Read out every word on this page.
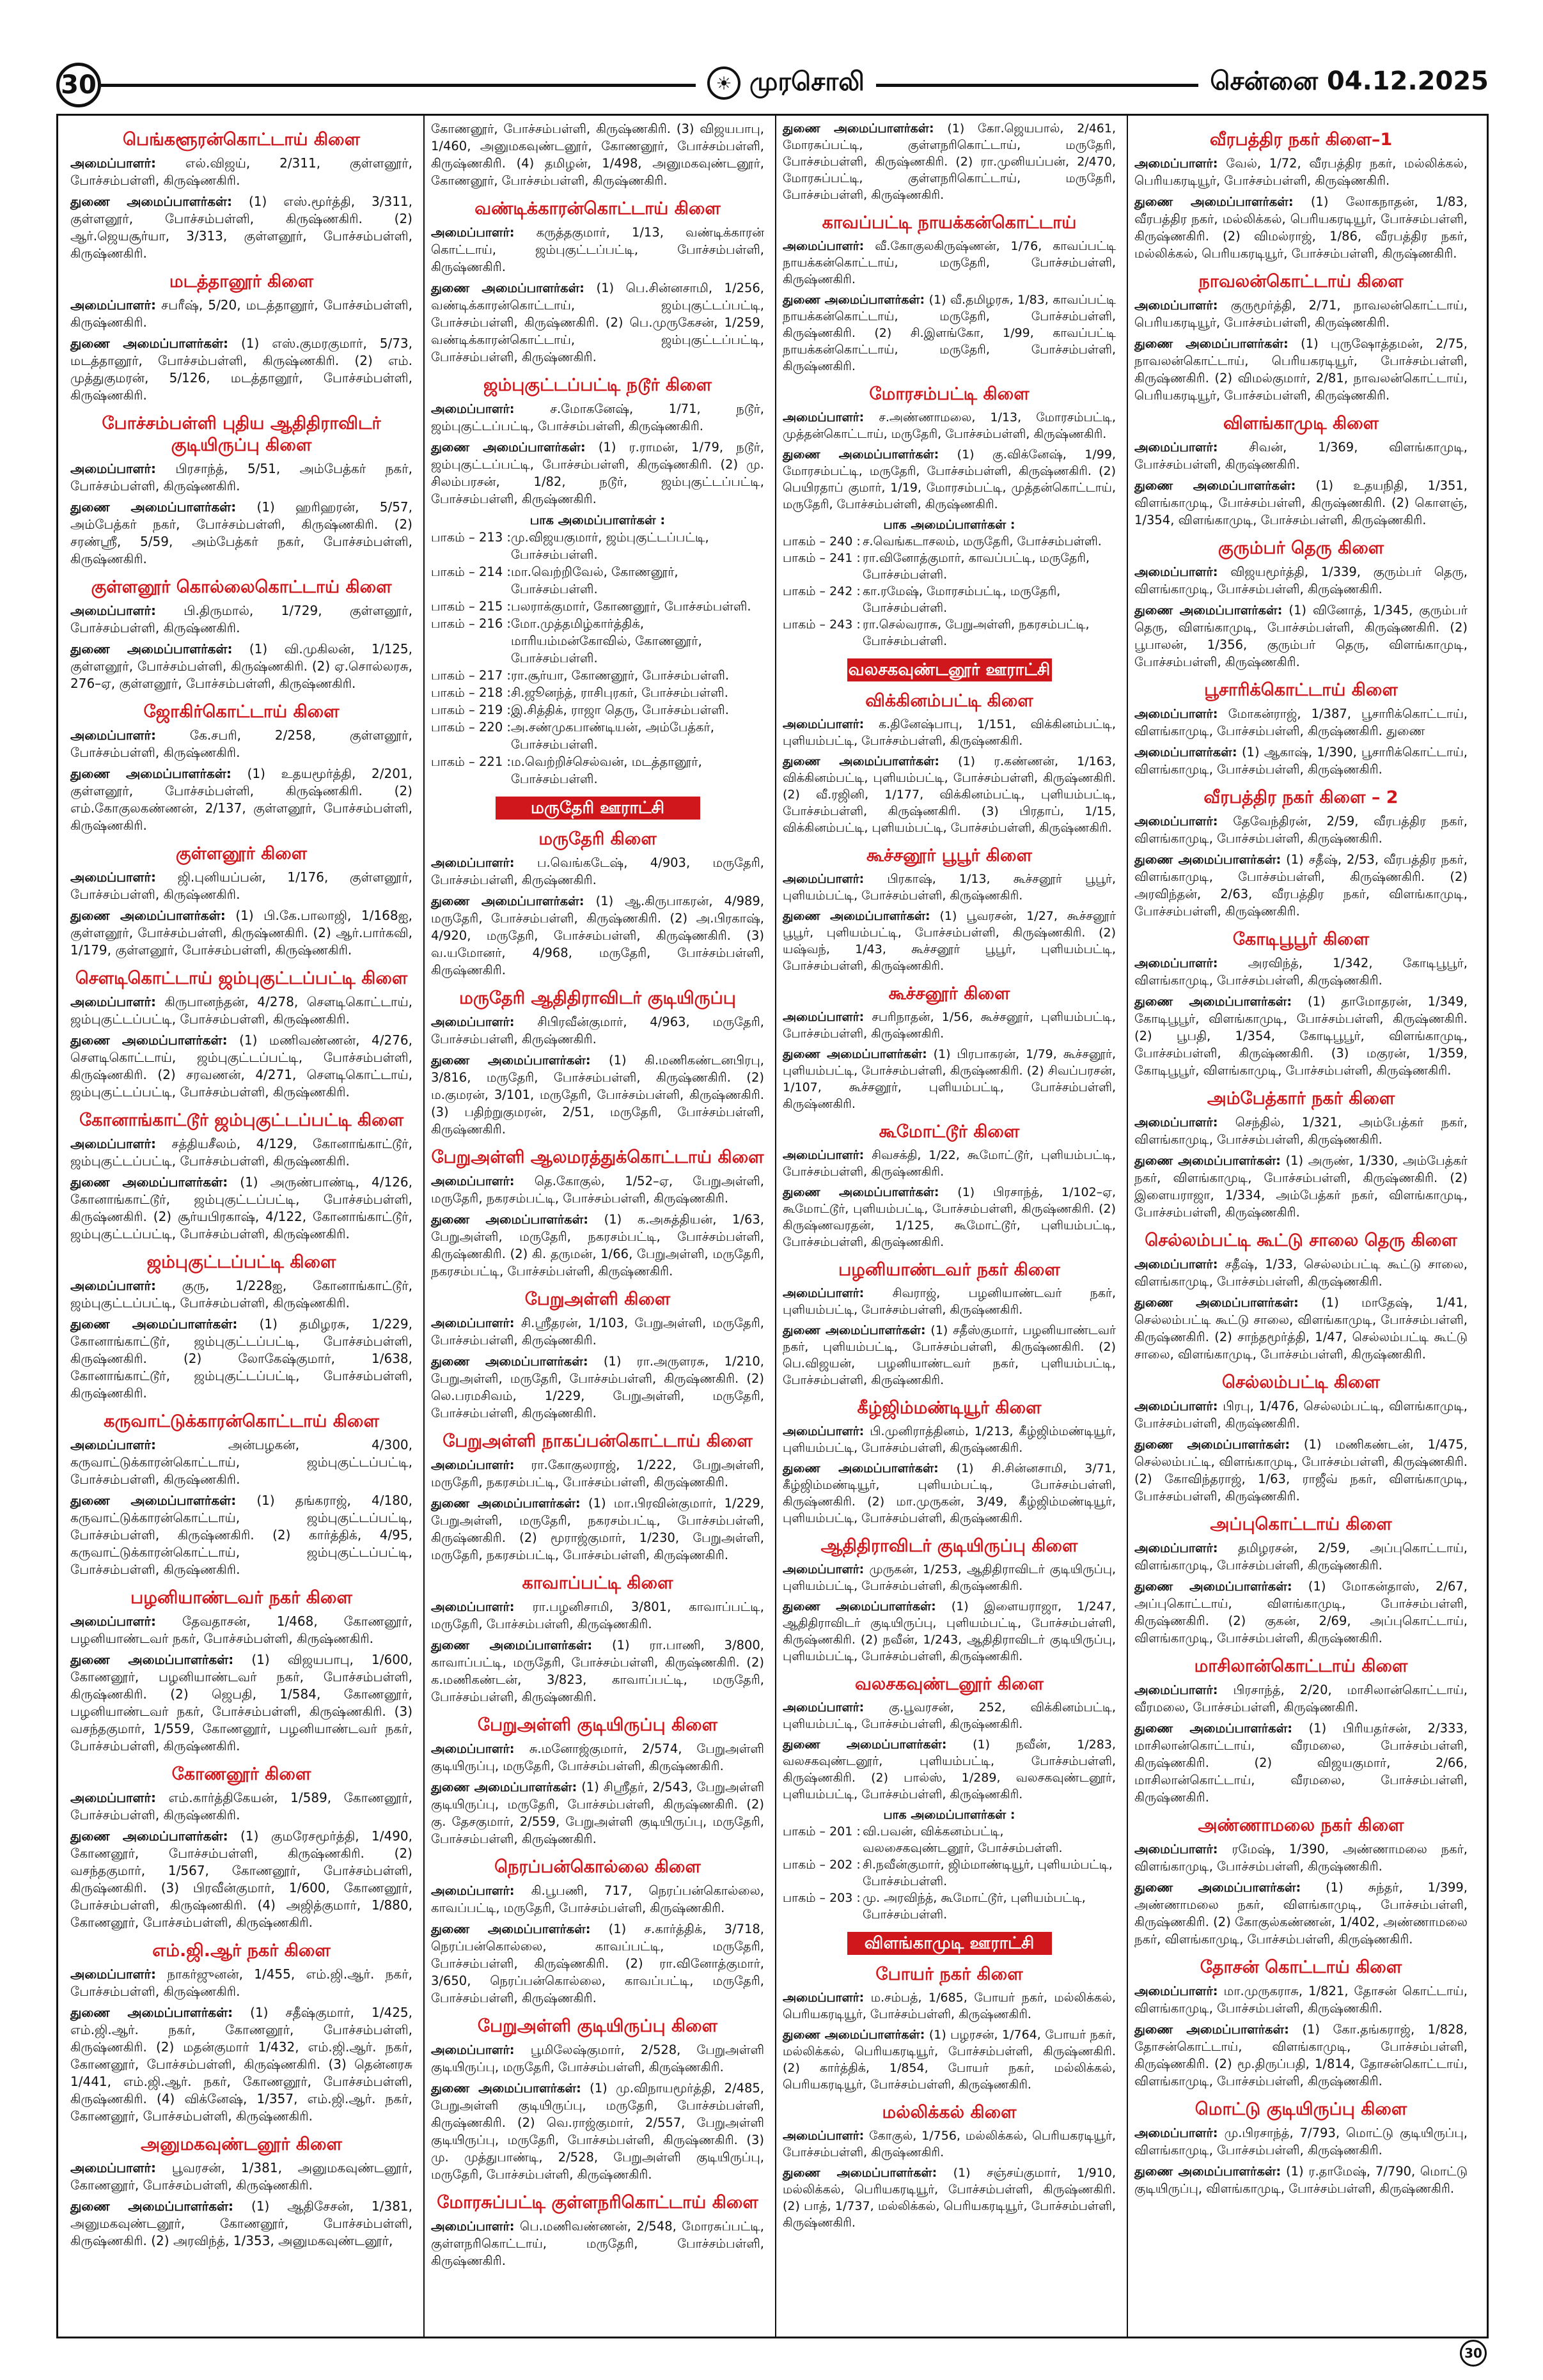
30	☀ முரசொலி	சென்னை 04.12.2025
பெங்களூரன்கொட்டாய் கிளை

அமைப்பாளர்: எல்.விஜய், 2/311, குள்ளனூர், போச்சம்பள்ளி, கிருஷ்ணகிரி.

துணை அமைப்பாளர்கள்: (1) எஸ்.மூர்த்தி, 3/311, குள்ளனூர், போச்சம்பள்ளி, கிருஷ்ணகிரி. (2) ஆர்.ஜெயசூர்யா, 3/313, குள்ளனூர், போச்சம்பள்ளி, கிருஷ்ணகிரி.

மடத்தானூர் கிளை

அமைப்பாளர்: சபரீஷ், 5/20, மடத்தானூர், போச்சம்பள்ளி, கிருஷ்ணகிரி.

துணை அமைப்பாளர்கள்: (1) எஸ்.குமரகுமார், 5/73, மடத்தானூர், போச்சம்பள்ளி, கிருஷ்ணகிரி. (2) எம். முத்துகுமரன், 5/126, மடத்தானூர், போச்சம்பள்ளி, கிருஷ்ணகிரி.

போச்சம்பள்ளி புதிய ஆதிதிராவிடர் குடியிருப்பு கிளை

அமைப்பாளர்: பிரசாந்த், 5/51, அம்பேத்கர் நகர், போச்சம்பள்ளி, கிருஷ்ணகிரி.

துணை அமைப்பாளர்கள்: (1) ஹரிஹரன், 5/57, அம்பேத்கர் நகர், போச்சம்பள்ளி, கிருஷ்ணகிரி. (2) சரண்ஸ்ரீ, 5/59, அம்பேத்கர் நகர், போச்சம்பள்ளி, கிருஷ்ணகிரி.

குள்ளனூர் கொல்லைகொட்டாய் கிளை

அமைப்பாளர்: பி.திருமால், 1/729, குள்ளனூர், போச்சம்பள்ளி, கிருஷ்ணகிரி.

துணை அமைப்பாளர்கள்: (1) வி.முகிலன், 1/125, குள்ளனூர், போச்சம்பள்ளி, கிருஷ்ணகிரி. (2) ஏ.சொல்லரசு, 276–ஏ, குள்ளனூர், போச்சம்பள்ளி, கிருஷ்ணகிரி.

ஜோகிர்கொட்டாய் கிளை

அமைப்பாளர்:	கே.சபரி, 2/258, குள்ளனூர், போச்சம்பள்ளி, கிருஷ்ணகிரி.

துணை அமைப்பாளர்கள்: (1) உதயமூர்த்தி, 2/201, குள்ளனூர், போச்சம்பள்ளி, கிருஷ்ணகிரி. (2) எம்.கோகுலகண்ணன், 2/137, குள்ளனூர், போச்சம்பள்ளி, கிருஷ்ணகிரி.

குள்ளனூர் கிளை

அமைப்பாளர்: ஜி.புனியப்பன், 1/176, குள்ளனூர், போச்சம்பள்ளி, கிருஷ்ணகிரி.

துணை அமைப்பாளர்கள்: (1) பி.கே.பாலாஜி, 1/168ஐ, குள்ளனூர், போச்சம்பள்ளி, கிருஷ்ணகிரி. (2) ஆர்.பார்கவி, 1/179, குள்ளனூர், போச்சம்பள்ளி, கிருஷ்ணகிரி.

செளடிகொட்டாய் ஜம்புகுட்டப்பட்டி கிளை

அமைப்பாளர்: கிருபானந்தன், 4/278, செளடிகொட்டாய், ஜம்புகுட்டப்பட்டி, போச்சம்பள்ளி, கிருஷ்ணகிரி.

துணை அமைப்பாளர்கள்: (1) மணிவண்ணன், 4/276, செளடிகொட்டாய், ஜம்புகுட்டப்பட்டி, போச்சம்பள்ளி, கிருஷ்ணகிரி. (2) சரவணன், 4/271, செளடிகொட்டாய், ஜம்புகுட்டப்பட்டி, போச்சம்பள்ளி, கிருஷ்ணகிரி.

கோனாங்காட்டூர் ஜம்புகுட்டப்பட்டி கிளை

அமைப்பாளர்: சத்தியசீலம், 4/129, கோனாங்காட்டூர், ஜம்புகுட்டப்பட்டி, போச்சம்பள்ளி, கிருஷ்ணகிரி.

துணை அமைப்பாளர்கள்: (1) அருண்பாண்டி, 4/126, கோனாங்காட்டூர், ஜம்புகுட்டப்பட்டி, போச்சம்பள்ளி, கிருஷ்ணகிரி. (2) சூர்யபிரகாஷ், 4/122, கோனாங்காட்டூர், ஜம்புகுட்டப்பட்டி, போச்சம்பள்ளி, கிருஷ்ணகிரி.

ஜம்புகுட்டப்பட்டி கிளை

அமைப்பாளர்: குரு, 1/228ஐ, கோனாங்காட்டூர், ஜம்புகுட்டப்பட்டி, போச்சம்பள்ளி, கிருஷ்ணகிரி.

துணை அமைப்பாளர்கள்: (1) தமிழரசு, 1/229, கோனாங்காட்டூர், ஜம்புகுட்டப்பட்டி, போச்சம்பள்ளி, கிருஷ்ணகிரி. (2) லோகேஷ்குமார், 1/638, கோனாங்காட்டூர், ஜம்புகுட்டப்பட்டி, போச்சம்பள்ளி, கிருஷ்ணகிரி.

கருவாட்டுக்காரன்கொட்டாய் கிளை

அமைப்பாளர்:	அன்பழகன், 4/300, கருவாட்டுக்காரன்கொட்டாய், ஜம்புகுட்டப்பட்டி, போச்சம்பள்ளி, கிருஷ்ணகிரி.

துணை அமைப்பாளர்கள்: (1) தங்கராஜ், 4/180, கருவாட்டுக்காரன்கொட்டாய், ஜம்புகுட்டப்பட்டி, போச்சம்பள்ளி, கிருஷ்ணகிரி. (2) கார்த்திக், 4/95, கருவாட்டுக்காரன்கொட்டாய், ஜம்புகுட்டப்பட்டி, போச்சம்பள்ளி, கிருஷ்ணகிரி.

பழனியாண்டவர் நகர் கிளை

அமைப்பாளர்: தேவதாசன், 1/468, கோணனூர், பழனியாண்டவர் நகர், போச்சம்பள்ளி, கிருஷ்ணகிரி.

துணை அமைப்பாளர்கள்: (1) விஜயபாபு, 1/600, கோணனூர், பழனியாண்டவர் நகர், போச்சம்பள்ளி, கிருஷ்ணகிரி. (2) ஜெபதி, 1/584, கோணனூர், பழனியாண்டவர் நகர், போச்சம்பள்ளி, கிருஷ்ணகிரி. (3) வசந்தகுமார், 1/559, கோணனூர், பழனியாண்டவர் நகர், போச்சம்பள்ளி, கிருஷ்ணகிரி.

கோணனூர் கிளை

அமைப்பாளர்: எம்.கார்த்திகேயன், 1/589, கோணனூர், போச்சம்பள்ளி, கிருஷ்ணகிரி.

துணை அமைப்பாளர்கள்: (1) குமரேசமூர்த்தி, 1/490, கோணனூர், போச்சம்பள்ளி, கிருஷ்ணகிரி. (2) வசந்தகுமார், 1/567, கோணனூர், போச்சம்பள்ளி, கிருஷ்ணகிரி. (3) பிரவீன்குமார், 1/600, கோணனூர், போச்சம்பள்ளி, கிருஷ்ணகிரி. (4) அஜித்குமார், 1/880, கோணனூர், போச்சம்பள்ளி, கிருஷ்ணகிரி.

எம்.ஜி.ஆர் நகர் கிளை

அமைப்பாளர்: நாகர்ஜுனன், 1/455, எம்.ஜி.ஆர். நகர், போச்சம்பள்ளி, கிருஷ்ணகிரி.

துணை அமைப்பாளர்கள்: (1) சதீஷ்குமார், 1/425, எம்.ஜி.ஆர். நகர், கோணனூர், போச்சம்பள்ளி, கிருஷ்ணகிரி. (2) மதன்குமார் 1/432, எம்.ஜி.ஆர். நகர், கோணனூர், போச்சம்பள்ளி, கிருஷ்ணகிரி. (3) தென்னரசு 1/441, எம்.ஜி.ஆர். நகர், கோணனூர், போச்சம்பள்ளி, கிருஷ்ணகிரி. (4) விக்னேஷ், 1/357, எம்.ஜி.ஆர். நகர், கோணனூர், போச்சம்பள்ளி, கிருஷ்ணகிரி.

அனுமகவுண்டனூர் கிளை

அமைப்பாளர்: பூவரசன், 1/381, அனுமகவுண்டனூர், கோணனூர், போச்சம்பள்ளி, கிருஷ்ணகிரி.

துணை அமைப்பாளர்கள்: (1) ஆதிசேசன், 1/381, அனுமகவுண்டனூர், கோணனூர், போச்சம்பள்ளி, கிருஷ்ணகிரி. (2) அரவிந்த், 1/353, அனுமகவுண்டனூர்,

கோணனூர், போச்சம்பள்ளி, கிருஷ்ணகிரி. (3) விஜயபாபு, 1/460, அனுமகவுண்டனூர், கோணனூர், போச்சம்பள்ளி, கிருஷ்ணகிரி. (4) தமிழன், 1/498, அனுமகவுண்டனூர், கோணனூர், போச்சம்பள்ளி, கிருஷ்ணகிரி.

வண்டிக்காரன்கொட்டாய் கிளை

அமைப்பாளர்: கருத்தகுமார், 1/13, வண்டிக்காரன் கொட்டாய், ஜம்புகுட்டப்பட்டி, போச்சம்பள்ளி, கிருஷ்ணகிரி.

துணை அமைப்பாளர்கள்: (1) பெ.சின்னசாமி, 1/256, வண்டிக்காரன்கொட்டாய், ஜம்புகுட்டப்பட்டி, போச்சம்பள்ளி, கிருஷ்ணகிரி. (2) பெ.முருகேசன், 1/259, வண்டிக்காரன்கொட்டாய், ஜம்புகுட்டப்பட்டி, போச்சம்பள்ளி, கிருஷ்ணகிரி.

ஜம்புகுட்டப்பட்டி நடூர் கிளை

அமைப்பாளர்:	ச.மோகனேஷ், 1/71, நடூர், ஜம்புகுட்டப்பட்டி, போச்சம்பள்ளி, கிருஷ்ணகிரி.

துணை அமைப்பாளர்கள்: (1) ர.ராமன், 1/79, நடூர், ஜம்புகுட்டப்பட்டி, போச்சம்பள்ளி, கிருஷ்ணகிரி. (2) மு. சிலம்பரசன், 1/82, நடூர், ஜம்புகுட்டப்பட்டி, போச்சம்பள்ளி, கிருஷ்ணகிரி.

பாக அமைப்பாளர்கள் :
பாகம் – 213 : மு.விஜயகுமார், ஜம்புகுட்டப்பட்டி, போச்சம்பள்ளி.
பாகம் – 214 : மா.வெற்றிவேல், கோணனூர், போச்சம்பள்ளி.
பாகம் – 215 : பலராக்குமார், கோணனூர், போச்சம்பள்ளி.
பாகம் – 216 : மோ.முத்தமிழ்கார்த்திக், மாரியம்மன்கோவில், கோணனூர், போச்சம்பள்ளி.
பாகம் – 217 : ரா.சூர்யா, கோணனூர், போச்சம்பள்ளி.
பாகம் – 218 : சி.ஜூனந்த், ராசிபுரகர், போச்சம்பள்ளி.
பாகம் – 219 : இ.சித்திக், ராஜா தெரு, போச்சம்பள்ளி.
பாகம் – 220 : அ.சண்முகபாண்டியன், அம்பேத்கர், போச்சம்பள்ளி.
பாகம் – 221 : ம.வெற்றிச்செல்வன், மடத்தானூர், போச்சம்பள்ளி.
மருதேரி ஊராட்சி
மருதேரி கிளை

அமைப்பாளர்: ப.வெங்கடேஷ், 4/903, மருதேரி, போச்சம்பள்ளி, கிருஷ்ணகிரி.

துணை அமைப்பாளர்கள்: (1) ஆ.கிருபாகரன், 4/989, மருதேரி, போச்சம்பள்ளி, கிருஷ்ணகிரி. (2) அ.பிரகாஷ், 4/920, மருதேரி, போச்சம்பள்ளி, கிருஷ்ணகிரி. (3) வ.யமோனர், 4/968, மருதேரி, போச்சம்பள்ளி, கிருஷ்ணகிரி.

மருதேரி ஆதிதிராவிடர் குடியிருப்பு

அமைப்பாளர்: சிபிரவீன்குமார், 4/963, மருதேரி, போச்சம்பள்ளி, கிருஷ்ணகிரி.

துணை அமைப்பாளர்கள்: (1) கி.மணிகண்டனபிரபு, 3/816, மருதேரி, போச்சம்பள்ளி, கிருஷ்ணகிரி. (2) ம.குமரன், 3/101, மருதேரி, போச்சம்பள்ளி, கிருஷ்ணகிரி. (3) பதிற்றுகுமரன், 2/51, மருதேரி, போச்சம்பள்ளி, கிருஷ்ணகிரி.

பேறுஅள்ளி ஆலமரத்துக்கொட்டாய் கிளை

அமைப்பாளர்: தெ.கோகுல், 1/52–ஏ, பேறுஅள்ளி, மருதேரி, நகரசம்பட்டி, போச்சம்பள்ளி, கிருஷ்ணகிரி.

துணை அமைப்பாளர்கள்: (1) க.அசுத்தியன், 1/63, பேறுஅள்ளி, மருதேரி, நகரசம்பட்டி, போச்சம்பள்ளி, கிருஷ்ணகிரி. (2) கி. தருமன், 1/66, பேறுஅள்ளி, மருதேரி, நகரசம்பட்டி, போச்சம்பள்ளி, கிருஷ்ணகிரி.

பேறுஅள்ளி கிளை

அமைப்பாளர்: சி.ஸ்ரீதரன், 1/103, பேறுஅள்ளி, மருதேரி, போச்சம்பள்ளி, கிருஷ்ணகிரி.

துணை அமைப்பாளர்கள்: (1) ரா.அருளரசு, 1/210, பேறுஅள்ளி, மருதேரி, போச்சம்பள்ளி, கிருஷ்ணகிரி. (2) லெ.பரமசிவம், 1/229, பேறுஅள்ளி, மருதேரி, போச்சம்பள்ளி, கிருஷ்ணகிரி.

பேறுஅள்ளி நாகப்பன்கொட்டாய் கிளை

அமைப்பாளர்: ரா.கோகுலராஜ், 1/222, பேறுஅள்ளி, மருதேரி, நகரசம்பட்டி, போச்சம்பள்ளி, கிருஷ்ணகிரி.

துணை அமைப்பாளர்கள்: (1) மா.பிரவின்குமார், 1/229, பேறுஅள்ளி, மருதேரி, நகரசம்பட்டி, போச்சம்பள்ளி, கிருஷ்ணகிரி. (2) மூராஜ்குமார், 1/230, பேறுஅள்ளி, மருதேரி, நகரசம்பட்டி, போச்சம்பள்ளி, கிருஷ்ணகிரி.

காவாப்பட்டி கிளை

அமைப்பாளர்: ரா.பழனிசாமி, 3/801, காவாப்பட்டி, மருதேரி, போச்சம்பள்ளி, கிருஷ்ணகிரி.

துணை அமைப்பாளர்கள்: (1) ரா.பாணி, 3/800, காவாப்பட்டி, மருதேரி, போச்சம்பள்ளி, கிருஷ்ணகிரி. (2) க.மணிகண்டன், 3/823, காவாப்பட்டி, மருதேரி, போச்சம்பள்ளி, கிருஷ்ணகிரி.

பேறுஅள்ளி குடியிருப்பு கிளை

அமைப்பாளர்: சு.மனோஜ்குமார், 2/574, பேறுஅள்ளி குடியிருப்பு, மருதேரி, போச்சம்பள்ளி, கிருஷ்ணகிரி.

துணை அமைப்பாளர்கள்: (1) சிஸ்ரீதர், 2/543, பேறுஅள்ளி குடியிருப்பு, மருதேரி, போச்சம்பள்ளி, கிருஷ்ணகிரி. (2) கு. தேசகுமார், 2/559, பேறுஅள்ளி குடியிருப்பு, மருதேரி, போச்சம்பள்ளி, கிருஷ்ணகிரி.

நெரப்பன்கொல்லை கிளை

அமைப்பாளர்: கி.பூபணி, 717, நெரப்பன்கொல்லை, காவப்பட்டி, மருதேரி, போச்சம்பள்ளி, கிருஷ்ணகிரி.

துணை அமைப்பாளர்கள்: (1) ச.கார்த்திக், 3/718, நெரப்பன்கொல்லை, காவப்பட்டி, மருதேரி, போச்சம்பள்ளி, கிருஷ்ணகிரி. (2) ரா.வினோத்குமார், 3/650, நெரப்பன்கொல்லை, காவப்பட்டி, மருதேரி, போச்சம்பள்ளி, கிருஷ்ணகிரி.

பேறுஅள்ளி குடியிருப்பு கிளை

அமைப்பாளர்: பூமிலேஷ்குமார், 2/528, பேறுஅள்ளி குடியிருப்பு, மருதேரி, போச்சம்பள்ளி, கிருஷ்ணகிரி.

துணை அமைப்பாளர்கள்: (1) மு.விநாயமூர்த்தி, 2/485, பேறுஅள்ளி குடியிருப்பு, மருதேரி, போச்சம்பள்ளி, கிருஷ்ணகிரி. (2) வெ.ராஜ்குமார், 2/557, பேறுஅள்ளி குடியிருப்பு, மருதேரி, போச்சம்பள்ளி, கிருஷ்ணகிரி. (3) மு. முத்துபாண்டி, 2/528, பேறுஅள்ளி குடியிருப்பு, மருதேரி, போச்சம்பள்ளி, கிருஷ்ணகிரி.

மோரசுப்பட்டி குள்ளநரிகொட்டாய் கிளை

அமைப்பாளர்: பெ.மணிவண்ணன், 2/548, மோரசுப்பட்டி, குள்ளநரிகொட்டாய், மருதேரி, போச்சம்பள்ளி, கிருஷ்ணகிரி.

துணை அமைப்பாளர்கள்: (1) கோ.ஜெயபால், 2/461, மோரசுப்பட்டி, குள்ளநரிகொட்டாய், மருதேரி, போச்சம்பள்ளி, கிருஷ்ணகிரி. (2) ரா.முனியப்பன், 2/470, மோரசுப்பட்டி, குள்ளநரிகொட்டாய், மருதேரி, போச்சம்பள்ளி, கிருஷ்ணகிரி.

காவப்பட்டி நாயக்கன்கொட்டாய்

அமைப்பாளர்: வீ.கோகுலகிருஷ்ணன், 1/76, காவப்பட்டி நாயக்கன்கொட்டாய், மருதேரி, போச்சம்பள்ளி, கிருஷ்ணகிரி.

துணை அமைப்பாளர்கள்: (1) வீ.தமிழரசு, 1/83, காவப்பட்டி நாயக்கன்கொட்டாய், மருதேரி, போச்சம்பள்ளி, கிருஷ்ணகிரி. (2) சி.இளங்கோ, 1/99, காவப்பட்டி நாயக்கன்கொட்டாய், மருதேரி, போச்சம்பள்ளி, கிருஷ்ணகிரி.

மோரசம்பட்டி கிளை

அமைப்பாளர்: ச.அண்ணாமலை, 1/13, மோரசம்பட்டி, முத்தன்கொட்டாய், மருதேரி, போச்சம்பள்ளி, கிருஷ்ணகிரி.

துணை அமைப்பாளர்கள்: (1) கு.விக்னேஷ், 1/99, மோரசம்பட்டி, மருதேரி, போச்சம்பள்ளி, கிருஷ்ணகிரி. (2) பெயிரதாப் குமார், 1/19, மோரசம்பட்டி, முத்தன்கொட்டாய், மருதேரி, போச்சம்பள்ளி, கிருஷ்ணகிரி.

பாக அமைப்பாளர்கள் :
பாகம் – 240 : ச.வெங்கடாசலம், மருதேரி, போச்சம்பள்ளி.
பாகம் – 241 : ரா.வினோத்குமார், காவப்பட்டி, மருதேரி, போச்சம்பள்ளி.
பாகம் – 242 : கா.ரமேஷ், மோரசம்பட்டி, மருதேரி, போச்சம்பள்ளி.
பாகம் – 243 : ரா.செல்வராசு, பேறுஅள்ளி, நகரசம்பட்டி, போச்சம்பள்ளி.
வலசகவுண்டனூர் ஊராட்சி
விக்கினம்பட்டி கிளை

அமைப்பாளர்: க.தினேஷ்பாபு, 1/151, விக்கினம்பட்டி, புளியம்பட்டி, போச்சம்பள்ளி, கிருஷ்ணகிரி.

துணை அமைப்பாளர்கள்: (1) ர.கண்ணன், 1/163, விக்கினம்பட்டி, புளியம்பட்டி, போச்சம்பள்ளி, கிருஷ்ணகிரி. (2) வீ.ரஜினி, 1/177, விக்கினம்பட்டி, புளியம்பட்டி, போச்சம்பள்ளி, கிருஷ்ணகிரி. (3) பிரதாப், 1/15, விக்கினம்பட்டி, புளியம்பட்டி, போச்சம்பள்ளி, கிருஷ்ணகிரி.

கூச்சனூர் பூபூர் கிளை

அமைப்பாளர்: பிரகாஷ், 1/13, கூச்சனூர் பூபூர், புளியம்பட்டி, போச்சம்பள்ளி, கிருஷ்ணகிரி.

துணை அமைப்பாளர்கள்: (1) பூவரசன், 1/27, கூச்சனூர் பூபூர், புளியம்பட்டி, போச்சம்பள்ளி, கிருஷ்ணகிரி. (2) யஷ்வந், 1/43, கூச்சனூர் பூபூர், புளியம்பட்டி, போச்சம்பள்ளி, கிருஷ்ணகிரி.

கூச்சனூர் கிளை

அமைப்பாளர்: சபரிநாதன், 1/56, கூச்சனூர், புளியம்பட்டி, போச்சம்பள்ளி, கிருஷ்ணகிரி.

துணை அமைப்பாளர்கள்: (1) பிரபாகரன், 1/79, கூச்சனூர், புளியம்பட்டி, போச்சம்பள்ளி, கிருஷ்ணகிரி. (2) சிவப்பரசன், 1/107, கூச்சனூர், புளியம்பட்டி, போச்சம்பள்ளி, கிருஷ்ணகிரி.

கூமோட்டூர் கிளை

அமைப்பாளர்: சிவசக்தி, 1/22, கூமோட்டூர், புளியம்பட்டி, போச்சம்பள்ளி, கிருஷ்ணகிரி.

துணை அமைப்பாளர்கள்: (1) பிரசாந்த், 1/102–ஏ, கூமோட்டூர், புளியம்பட்டி, போச்சம்பள்ளி, கிருஷ்ணகிரி. (2) கிருஷ்ணவரதன், 1/125, கூமோட்டூர், புளியம்பட்டி, போச்சம்பள்ளி, கிருஷ்ணகிரி.

பழனியாண்டவர் நகர் கிளை

அமைப்பாளர்: சிவராஜ், பழனியாண்டவர் நகர், புளியம்பட்டி, போச்சம்பள்ளி, கிருஷ்ணகிரி.

துணை அமைப்பாளர்கள்: (1) சதீஸ்குமார், பழனியாண்டவர் நகர், புளியம்பட்டி, போச்சம்பள்ளி, கிருஷ்ணகிரி. (2) பெ.விஜயன், பழனியாண்டவர் நகர், புளியம்பட்டி, போச்சம்பள்ளி, கிருஷ்ணகிரி.

கீழ்ஜிம்மண்டியூர் கிளை

அமைப்பாளர்: பி.முனிராத்தினம், 1/213, கீழ்ஜிம்மண்டியூர், புளியம்பட்டி, போச்சம்பள்ளி, கிருஷ்ணகிரி.

துணை அமைப்பாளர்கள்: (1) சி.சின்னசாமி, 3/71, கீழ்ஜிம்மண்டியூர், புளியம்பட்டி, போச்சம்பள்ளி, கிருஷ்ணகிரி. (2) மா.முருகன், 3/49, கீழ்ஜிம்மண்டியூர், புளியம்பட்டி, போச்சம்பள்ளி, கிருஷ்ணகிரி.

ஆதிதிராவிடர் குடியிருப்பு கிளை

அமைப்பாளர்: முருகன், 1/253, ஆதிதிராவிடர் குடியிருப்பு, புளியம்பட்டி, போச்சம்பள்ளி, கிருஷ்ணகிரி.

துணை அமைப்பாளர்கள்: (1) இளையராஜா, 1/247, ஆதிதிராவிடர் குடியிருப்பு, புளியம்பட்டி, போச்சம்பள்ளி, கிருஷ்ணகிரி. (2) நவீன், 1/243, ஆதிதிராவிடர் குடியிருப்பு, புளியம்பட்டி, போச்சம்பள்ளி, கிருஷ்ணகிரி.

வலசகவுண்டனூர் கிளை

அமைப்பாளர்: கு.பூவரசன், 252, விக்கினம்பட்டி, புளியம்பட்டி, போச்சம்பள்ளி, கிருஷ்ணகிரி.

துணை அமைப்பாளர்கள்: (1) நவீன், 1/283, வலசகவுண்டனூர், புளியம்பட்டி, போச்சம்பள்ளி, கிருஷ்ணகிரி. (2) பால்ஸ், 1/289, வலசகவுண்டனூர், புளியம்பட்டி, போச்சம்பள்ளி, கிருஷ்ணகிரி.

பாக அமைப்பாளர்கள் :
பாகம் – 201 : வி.பவன், விக்கனம்பட்டி, வலசைகவுண்டனூர், போச்சம்பள்ளி.
பாகம் – 202 : சி.நவீன்குமார், ஜிம்மாண்டியூர், புளியம்பட்டி, போச்சம்பள்ளி.
பாகம் – 203 : மு. அரவிந்த், கூமோட்டூர், புளியம்பட்டி, போச்சம்பள்ளி.
விளங்காமுடி ஊராட்சி
போயர் நகர் கிளை

அமைப்பாளர்: ம.சம்பத், 1/685, போயர் நகர், மல்லிக்கல், பெரியகரடியூர், போச்சம்பள்ளி, கிருஷ்ணகிரி.

துணை அமைப்பாளர்கள்: (1) பழரசன், 1/764, போயர் நகர், மல்லிக்கல், பெரியகரடியூர், போச்சம்பள்ளி, கிருஷ்ணகிரி. (2) கார்த்திக், 1/854, போயர் நகர், மல்லிக்கல், பெரியகரடியூர், போச்சம்பள்ளி, கிருஷ்ணகிரி.

மல்லிக்கல் கிளை

அமைப்பாளர்: கோகுல், 1/756, மல்லிக்கல், பெரியகரடியூர், போச்சம்பள்ளி, கிருஷ்ணகிரி.

துணை அமைப்பாளர்கள்: (1) சஞ்சய்குமார், 1/910, மல்லிக்கல், பெரியகரடியூர், போச்சம்பள்ளி, கிருஷ்ணகிரி. (2) பாத், 1/737, மல்லிக்கல், பெரியகரடியூர், போச்சம்பள்ளி, கிருஷ்ணகிரி.

வீரபத்திர நகர் கிளை–1

அமைப்பாளர்: வேல், 1/72, வீரபத்திர நகர், மல்லிக்கல், பெரியகரடியூர், போச்சம்பள்ளி, கிருஷ்ணகிரி.

துணை அமைப்பாளர்கள்: (1) லோகநாதன், 1/83, வீரபத்திர நகர், மல்லிக்கல், பெரியகரடியூர், போச்சம்பள்ளி, கிருஷ்ணகிரி. (2) விமல்ராஜ், 1/86, வீரபத்திர நகர், மல்லிக்கல், பெரியகரடியூர், போச்சம்பள்ளி, கிருஷ்ணகிரி.

நாவலன்கொட்டாய் கிளை

அமைப்பாளர்: குருமூர்த்தி, 2/71, நாவலன்கொட்டாய், பெரியகரடியூர், போச்சம்பள்ளி, கிருஷ்ணகிரி.

துணை அமைப்பாளர்கள்: (1) புருஷோத்தமன், 2/75, நாவலன்கொட்டாய், பெரியகரடியூர், போச்சம்பள்ளி, கிருஷ்ணகிரி. (2) விமல்குமார், 2/81, நாவலன்கொட்டாய், பெரியகரடியூர், போச்சம்பள்ளி, கிருஷ்ணகிரி.

விளங்காமுடி கிளை

அமைப்பாளர்: சிவன், 1/369, விளங்காமுடி, போச்சம்பள்ளி, கிருஷ்ணகிரி.

துணை அமைப்பாளர்கள்: (1) உதயநிதி, 1/351, விளங்காமுடி, போச்சம்பள்ளி, கிருஷ்ணகிரி. (2) கொளஞ், 1/354, விளங்காமுடி, போச்சம்பள்ளி, கிருஷ்ணகிரி.

குரும்பர் தெரு கிளை

அமைப்பாளர்: விஜயமூர்த்தி, 1/339, குரும்பர் தெரு, விளங்காமுடி, போச்சம்பள்ளி, கிருஷ்ணகிரி.

துணை அமைப்பாளர்கள்: (1) வினோத், 1/345, குரும்பர் தெரு, விளங்காமுடி, போச்சம்பள்ளி, கிருஷ்ணகிரி. (2) பூபாலன், 1/356, குரும்பர் தெரு, விளங்காமுடி, போச்சம்பள்ளி, கிருஷ்ணகிரி.

பூசாரிக்கொட்டாய் கிளை

அமைப்பாளர்: மோகன்ராஜ், 1/387, பூசாரிக்கொட்டாய், விளங்காமுடி, போச்சம்பள்ளி, கிருஷ்ணகிரி. துணை

அமைப்பாளர்கள்: (1) ஆகாஷ், 1/390, பூசாரிக்கொட்டாய், விளங்காமுடி, போச்சம்பள்ளி, கிருஷ்ணகிரி.

வீரபத்திர நகர் கிளை – 2

அமைப்பாளர்: தேவேந்திரன், 2/59, வீரபத்திர நகர், விளங்காமுடி, போச்சம்பள்ளி, கிருஷ்ணகிரி.

துணை அமைப்பாளர்கள்: (1) சதீஷ், 2/53, வீரபத்திர நகர், விளங்காமுடி, போச்சம்பள்ளி, கிருஷ்ணகிரி. (2) அரவிந்தன், 2/63, வீரபத்திர நகர், விளங்காமுடி, போச்சம்பள்ளி, கிருஷ்ணகிரி.

கோடிபூபூர் கிளை

அமைப்பாளர்: அரவிந்த், 1/342, கோடிபூபூர், விளங்காமுடி, போச்சம்பள்ளி, கிருஷ்ணகிரி.

துணை அமைப்பாளர்கள்: (1) தாமோதரன், 1/349, கோடிபூபூர், விளங்காமுடி, போச்சம்பள்ளி, கிருஷ்ணகிரி. (2) பூபதி, 1/354, கோடிபூபூர், விளங்காமுடி, போச்சம்பள்ளி, கிருஷ்ணகிரி. (3) மகுரன், 1/359, கோடிபூபூர், விளங்காமுடி, போச்சம்பள்ளி, கிருஷ்ணகிரி.

அம்பேத்கார் நகர் கிளை

அமைப்பாளர்: செந்தில், 1/321, அம்பேத்கர் நகர், விளங்காமுடி, போச்சம்பள்ளி, கிருஷ்ணகிரி.

துணை அமைப்பாளர்கள்: (1) அருண், 1/330, அம்பேத்கர் நகர், விளங்காமுடி, போச்சம்பள்ளி, கிருஷ்ணகிரி. (2) இளையராஜா, 1/334, அம்பேத்கர் நகர், விளங்காமுடி, போச்சம்பள்ளி, கிருஷ்ணகிரி.

செல்லம்பட்டி கூட்டு சாலை தெரு கிளை

அமைப்பாளர்: சதீஷ், 1/33, செல்லம்பட்டி கூட்டு சாலை, விளங்காமுடி, போச்சம்பள்ளி, கிருஷ்ணகிரி.

துணை அமைப்பாளர்கள்: (1) மாதேஷ், 1/41, செல்லம்பட்டி கூட்டு சாலை, விளங்காமுடி, போச்சம்பள்ளி, கிருஷ்ணகிரி. (2) சாந்தமூர்த்தி, 1/47, செல்லம்பட்டி கூட்டு சாலை, விளங்காமுடி, போச்சம்பள்ளி, கிருஷ்ணகிரி.

செல்லம்பட்டி கிளை

அமைப்பாளர்: பிரபு, 1/476, செல்லம்பட்டி, விளங்காமுடி, போச்சம்பள்ளி, கிருஷ்ணகிரி.

துணை அமைப்பாளர்கள்: (1) மணிகண்டன், 1/475, செல்லம்பட்டி, விளங்காமுடி, போச்சம்பள்ளி, கிருஷ்ணகிரி. (2) கோவிந்தராஜ், 1/63, ராஜீவ் நகர், விளங்காமுடி, போச்சம்பள்ளி, கிருஷ்ணகிரி.

அப்புகொட்டாய் கிளை

அமைப்பாளர்: தமிழரசன், 2/59, அப்புகொட்டாய், விளங்காமுடி, போச்சம்பள்ளி, கிருஷ்ணகிரி.

துணை அமைப்பாளர்கள்: (1) மோகன்தாஸ், 2/67, அப்புகொட்டாய், விளங்காமுடி, போச்சம்பள்ளி, கிருஷ்ணகிரி. (2) குகன், 2/69, அப்புகொட்டாய், விளங்காமுடி, போச்சம்பள்ளி, கிருஷ்ணகிரி.

மாசிலான்கொட்டாய் கிளை

அமைப்பாளர்: பிரசாந்த், 2/20, மாசிலான்கொட்டாய், வீரமலை, போச்சம்பள்ளி, கிருஷ்ணகிரி.

துணை அமைப்பாளர்கள்: (1) பிரியதர்சன், 2/333, மாசிலான்கொட்டாய், வீரமலை, போச்சம்பள்ளி, கிருஷ்ணகிரி. (2) விஜயகுமார், 2/66, மாசிலான்கொட்டாய், வீரமலை, போச்சம்பள்ளி, கிருஷ்ணகிரி.

அண்ணாமலை நகர் கிளை

அமைப்பாளர்: ரமேஷ், 1/390, அண்ணாமலை நகர், விளங்காமுடி, போச்சம்பள்ளி, கிருஷ்ணகிரி.

துணை அமைப்பாளர்கள்: (1) சுந்தர், 1/399, அண்ணாமலை நகர், விளங்காமுடி, போச்சம்பள்ளி, கிருஷ்ணகிரி. (2) கோகுல்கண்ணன், 1/402, அண்ணாமலை நகர், விளங்காமுடி, போச்சம்பள்ளி, கிருஷ்ணகிரி.

தோசன் கொட்டாய் கிளை

அமைப்பாளர்: மா.முருகராசு, 1/821, தோசன் கொட்டாய், விளங்காமுடி, போச்சம்பள்ளி, கிருஷ்ணகிரி.

துணை அமைப்பாளர்கள்: (1) கோ.தங்கராஜ், 1/828, தோசன்கொட்டாய், விளங்காமுடி, போச்சம்பள்ளி, கிருஷ்ணகிரி. (2) மூ.திருப்பதி, 1/814, தோசன்கொட்டாய், விளங்காமுடி, போச்சம்பள்ளி, கிருஷ்ணகிரி.

மொட்டு குடியிருப்பு கிளை

அமைப்பாளர்: மு.பிரசாந்த், 7/793, மொட்டு குடியிருப்பு, விளங்காமுடி, போச்சம்பள்ளி, கிருஷ்ணகிரி.

துணை அமைப்பாளர்கள்: (1) ர.தாமேஷ், 7/790, மொட்டு குடியிருப்பு, விளங்காமுடி, போச்சம்பள்ளி, கிருஷ்ணகிரி.

30
